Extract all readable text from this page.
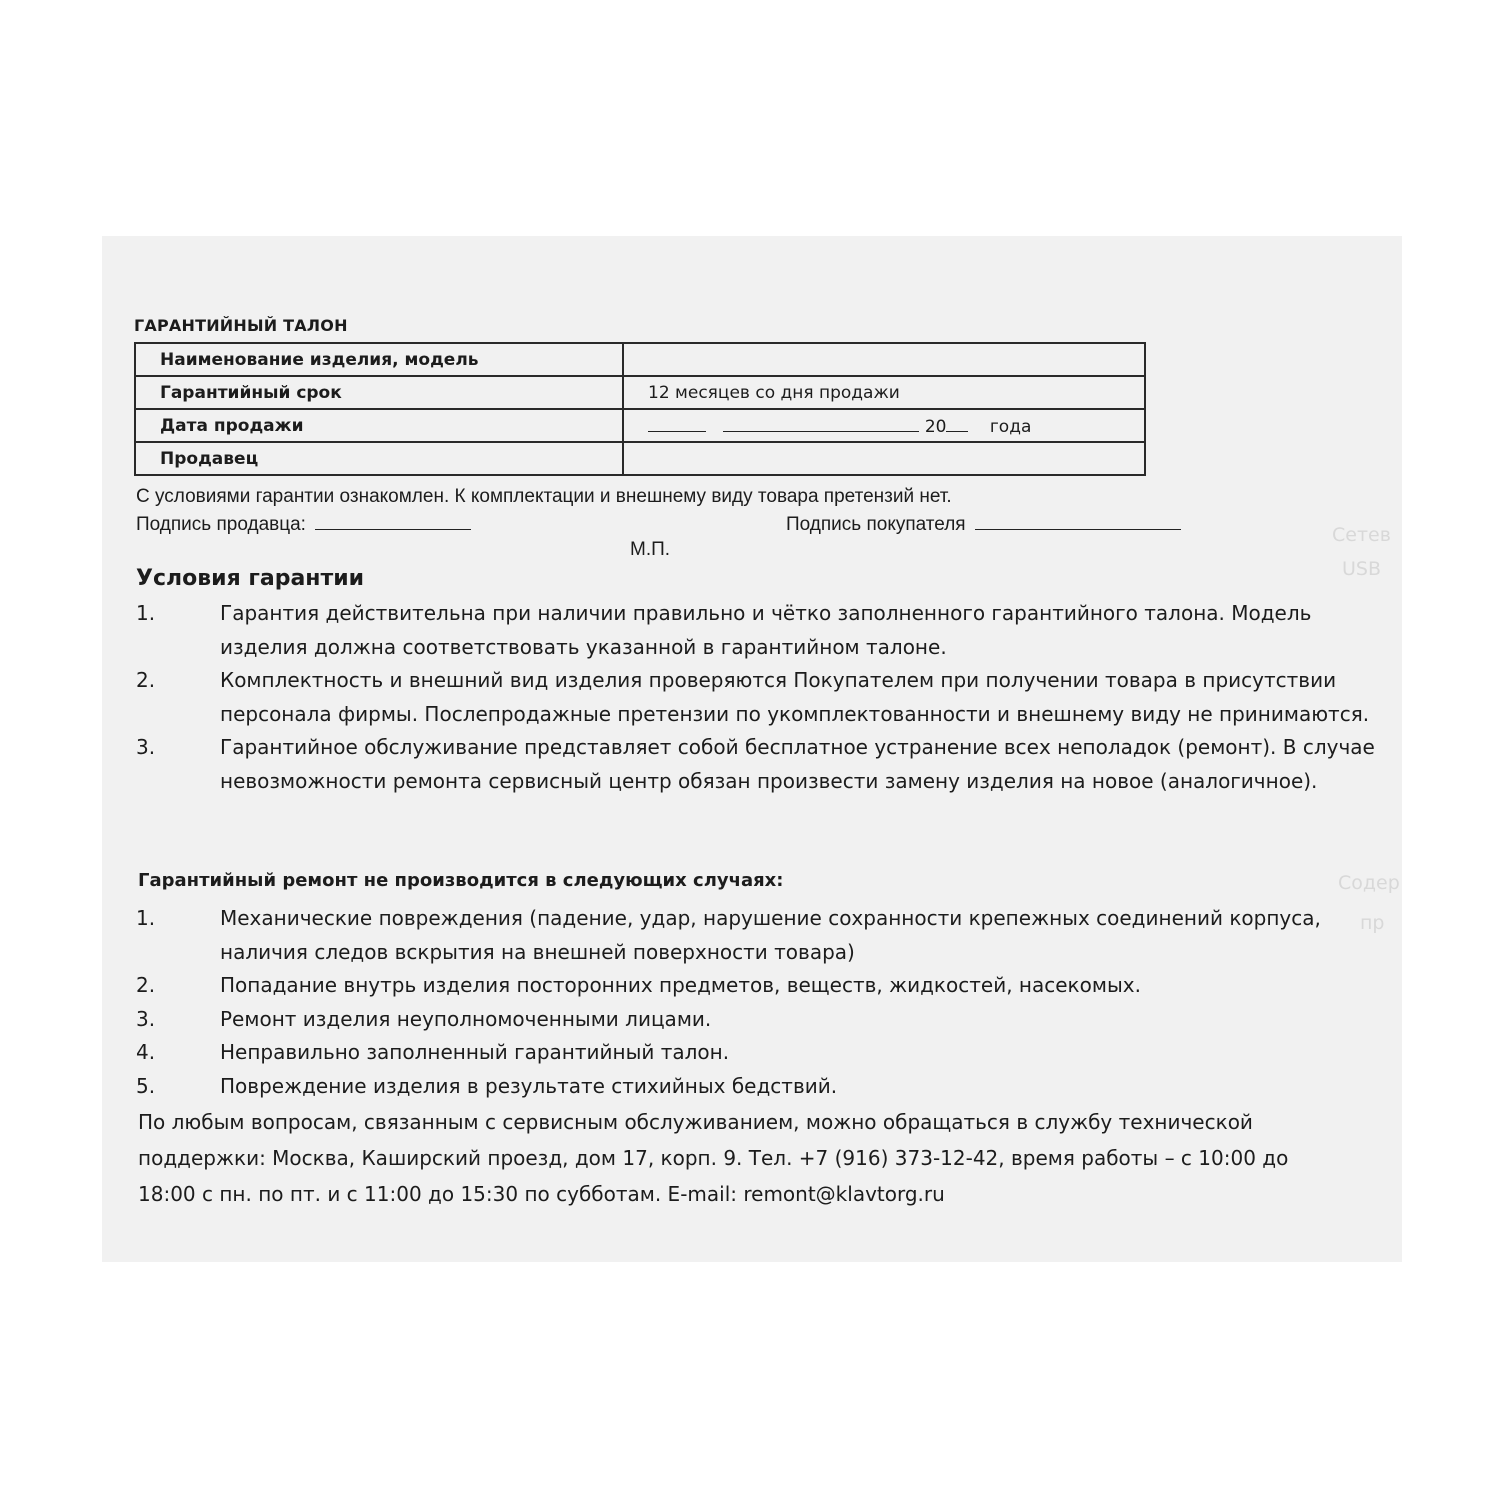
Сетев
USB
Содер
пр
ГАРАНТИЙНЫЙ ТАЛОН
Наименование изделия, модель	
Гарантийный срок	12 месяцев со дня продажи
Дата продажи	20 года
Продавец	
С условиями гарантии ознакомлен. К комплектации и внешнему виду товара претензий нет.
Подпись продавца:	Подпись покупателя
М.П.
Условия гарантии
1.	Гарантия действительна при наличии правильно и чётко заполненного гарантийного талона. Модель изделия должна соответствовать указанной в гарантийном талоне.
2.	Комплектность и внешний вид изделия проверяются Покупателем при получении товара в присутствии персонала фирмы. Послепродажные претензии по укомплектованности и внешнему виду не принимаются.
3.	Гарантийное обслуживание представляет собой бесплатное устранение всех неполадок (ремонт). В случае невозможности ремонта сервисный центр обязан произвести замену изделия на новое (аналогичное).
Гарантийный ремонт не производится в следующих случаях:
1.	Механические повреждения (падение, удар, нарушение сохранности крепежных соединений корпуса, наличия следов вскрытия на внешней поверхности товара)
2.	Попадание внутрь изделия посторонних предметов, веществ, жидкостей, насекомых.
3.	Ремонт изделия неуполномоченными лицами.
4.	Неправильно заполненный гарантийный талон.
5.	Повреждение изделия в результате стихийных бедствий.
По любым вопросам, связанным с сервисным обслуживанием, можно обращаться в службу технической поддержки: Москва, Каширский проезд, дом 17, корп. 9. Тел. +7 (916) 373-12-42, время работы – с 10:00 до 18:00 с пн. по пт. и с 11:00 до 15:30 по субботам. E-mail: remont@klavtorg.ru
